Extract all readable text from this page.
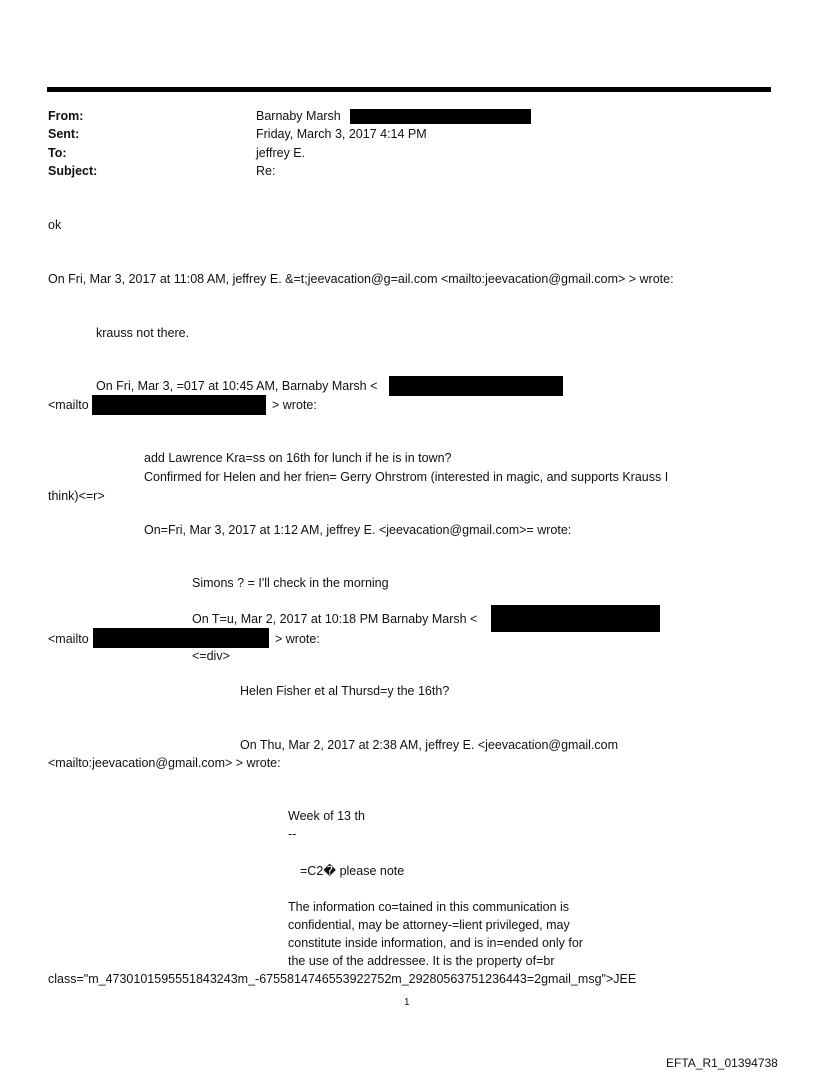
From:	Barnaby Marsh
Sent:	Friday, March 3, 2017 4:14 PM
To:	jeffrey E.
Subject:	Re:
ok
On Fri, Mar 3, 2017 at 11:08 AM, jeffrey E. &=t;jeevacation@g=ail.com <mailto:jeevacation@gmail.com> > wrote:
krauss not there.
On Fri, Mar 3, =017 at 10:45 AM, Barnaby Marsh <
<mailto	> wrote:
add Lawrence Kra=ss on 16th for lunch if he is in town?
Confirmed for Helen and her frien= Gerry Ohrstrom (interested in magic, and supports Krauss I
think)<=r>
On=Fri, Mar 3, 2017 at 1:12 AM, jeffrey E. <jeevacation@gmail.com>= wrote:
Simons ? = I'll check in the morning
On T=u, Mar 2, 2017 at 10:18 PM Barnaby Marsh <
<mailto	> wrote:
<=div>
Helen Fisher et al Thursd=y the 16th?
On Thu, Mar 2, 2017 at 2:38 AM, jeffrey E. <jeevacation@gmail.com
<mailto:jeevacation@gmail.com> > wrote:
Week of 13 th
--
=C2� please note
The information co=tained in this communication is
confidential, may be attorney-=lient privileged, may
constitute inside information, and is in=ended only for
the use of the addressee. It is the property of=br
class="m_4730101595551843243m_-6755814746553922752m_29280563751236443=2gmail_msg">JEE
1
EFTA_R1_01394738
